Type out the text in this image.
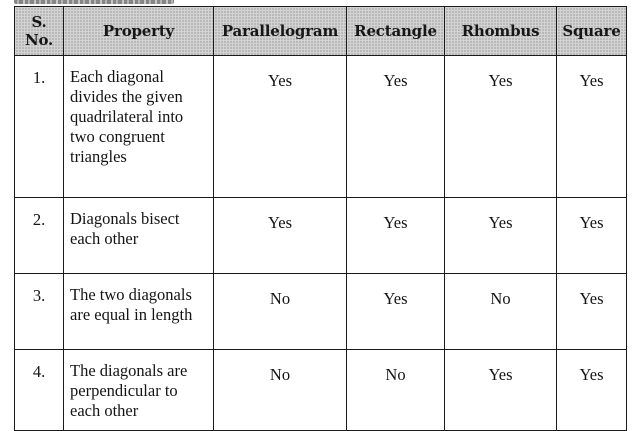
S. No.	Property	Parallelogram	Rectangle	Rhombus	Square
1.	Each diagonal divides the given quadrilateral into two congruent triangles	Yes	Yes	Yes	Yes
2.	Diagonals bisect each other	Yes	Yes	Yes	Yes
3.	The two diagonals are equal in length	No	Yes	No	Yes
4.	The diagonals are perpendicular to each other	No	No	Yes	Yes
